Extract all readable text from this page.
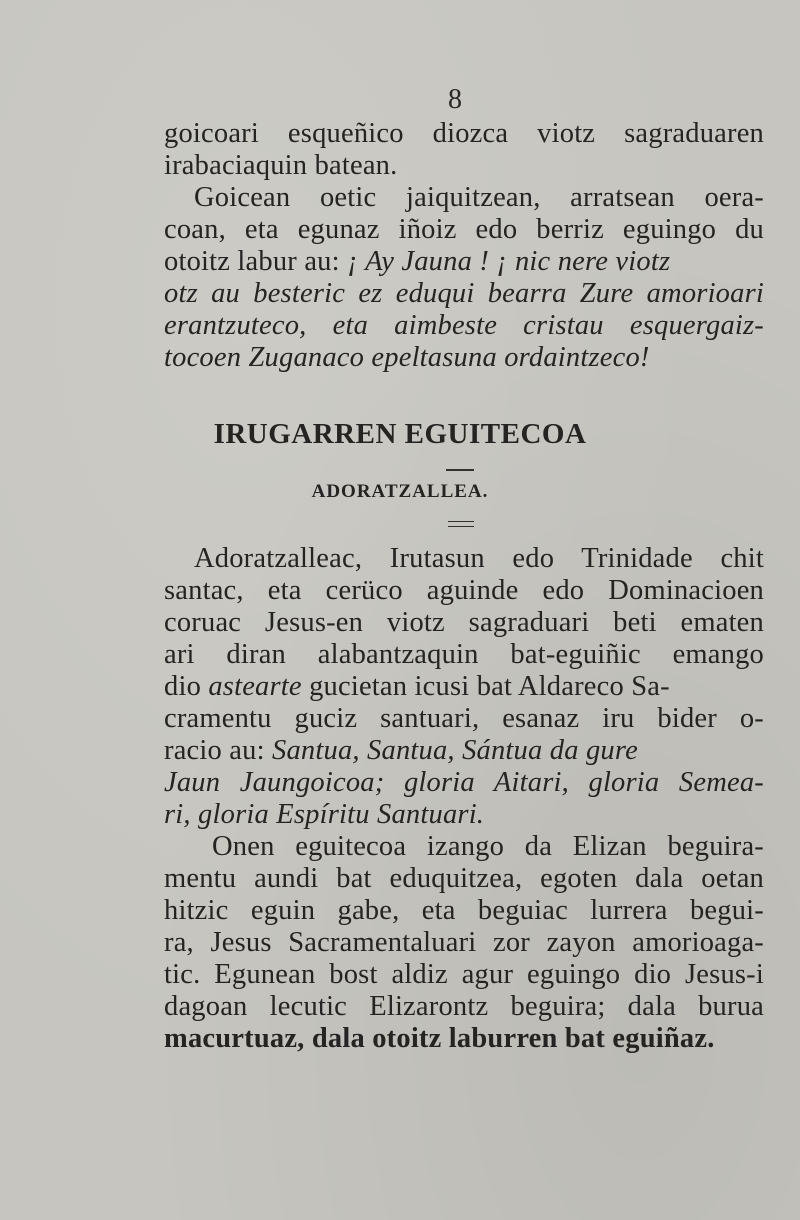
8
goicoari esqueñico diozca viotz sagraduaren
irabaciaquin batean.
Goicean oetic jaiquitzean, arratsean oera-
coan, eta egunaz iñoiz edo berriz eguingo du
otoitz labur au: ¡ Ay Jauna ! ¡ nic nere viotz
otz au besteric ez eduqui bearra Zure amorioari
erantzuteco, eta aimbeste cristau esquergaiz-
tocoen Zuganaco epeltasuna ordaintzeco!
IRUGARREN EGUITECOA
ADORATZALLEA.
Adoratzalleac, Irutasun edo Trinidade chit
santac, eta cerüco aguinde edo Dominacioen
coruac Jesus-en viotz sagraduari beti ematen
ari diran alabantzaquin bat-eguiñic emango
dio astearte gucietan icusi bat Aldareco Sa-
cramentu guciz santuari, esanaz iru bider o-
racio au: Santua, Santua, Sántua da gure
Jaun Jaungoicoa; gloria Aitari, gloria Semea-
ri, gloria Espíritu Santuari.
Onen eguitecoa izango da Elizan beguira-
mentu aundi bat eduquitzea, egoten dala oetan
hitzic eguin gabe, eta beguiac lurrera begui-
ra, Jesus Sacramentaluari zor zayon amorioaga-
tic. Egunean bost aldiz agur eguingo dio Jesus-i
dagoan lecutic Elizarontz beguira; dala burua
macurtuaz, dala otoitz laburren bat eguiñaz.
